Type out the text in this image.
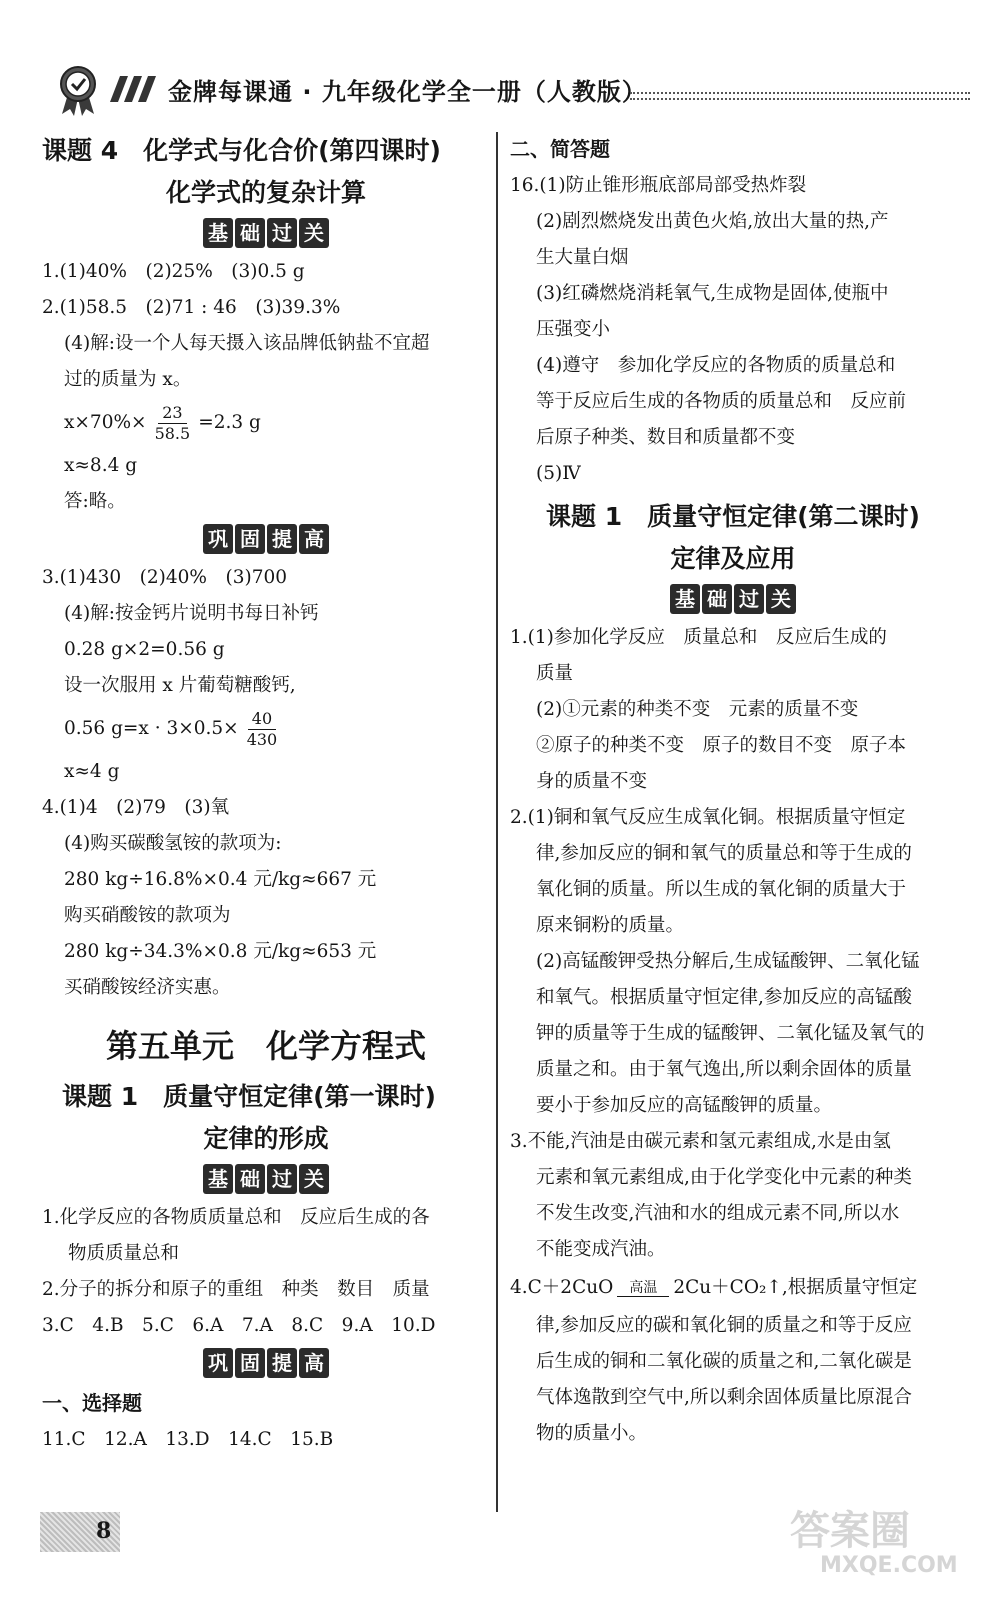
金牌每课通 · 九年级化学全一册（人教版）
课题 4　化学式与化合价(第四课时)
化学式的复杂计算
基 础 过 关
1.(1)40%　(2)25%　(3)0.5 g
2.(1)58.5　(2)71 : 46　(3)39.3%
(4)解:设一个人每天摄入该品牌低钠盐不宜超
过的质量为 x。
$x\times 70\%\times \frac{23}{58.5} =2.3$ g
x≈8.4 g
答:略。
巩 固 提 高
3.(1)430　(2)40%　(3)700
(4)解:按金钙片说明书每日补钙
0.28 g×2=0.56 g
设一次服用 x 片葡萄糖酸钙,
0.56 $g=x \cdot 3\times 0.5\times \frac{40}{430}$
x≈4 g
4.(1)4　(2)79　(3)氧
(4)购买碳酸氢铵的款项为:
280 kg÷16.8%×0.4 元/kg≈667 元
购买硝酸铵的款项为
280 kg÷34.3%×0.8 元/kg≈653 元
买硝酸铵经济实惠。
第五单元　化学方程式
课题 1　质量守恒定律(第一课时)
定律的形成
基 础 过 关
1.化学反应的各物质质量总和　反应后生成的各
物质质量总和
2.分子的拆分和原子的重组　种类　数目　质量
3.C　4.B　5.C　6.A　7.A　8.C　9.A　10.D
巩 固 提 高
一、选择题
11.C　12.A　13.D　14.C　15.B
二、简答题
16.(1)防止锥形瓶底部局部受热炸裂
(2)剧烈燃烧发出黄色火焰,放出大量的热,产
生大量白烟
(3)红磷燃烧消耗氧气,生成物是固体,使瓶中
压强变小
(4)遵守　参加化学反应的各物质的质量总和
等于反应后生成的各物质的质量总和　反应前
后原子种类、数目和质量都不变
(5)Ⅳ
课题 1　质量守恒定律(第二课时)
定律及应用
基 础 过 关
1.(1)参加化学反应　质量总和　反应后生成的
质量
(2)①元素的种类不变　元素的质量不变
②原子的种类不变　原子的数目不变　原子本
身的质量不变
2.(1)铜和氧气反应生成氧化铜。根据质量守恒定
律,参加反应的铜和氧气的质量总和等于生成的
氧化铜的质量。所以生成的氧化铜的质量大于
原来铜粉的质量。
(2)高锰酸钾受热分解后,生成锰酸钾、二氧化锰
和氧气。根据质量守恒定律,参加反应的高锰酸
钾的质量等于生成的锰酸钾、二氧化锰及氧气的
质量之和。由于氧气逸出,所以剩余固体的质量
要小于参加反应的高锰酸钾的质量。
3.不能,汽油是由碳元素和氢元素组成,水是由氢
元素和氧元素组成,由于化学变化中元素的种类
不发生改变,汽油和水的组成元素不同,所以水
不能变成汽油。
4.C＋2CuO 高温 2Cu＋CO₂↑,根据质量守恒定
律,参加反应的碳和氧化铜的质量之和等于反应
后生成的铜和二氧化碳的质量之和,二氧化碳是
气体逸散到空气中,所以剩余固体质量比原混合
物的质量小。
8	答案圈
MXQE.COM
